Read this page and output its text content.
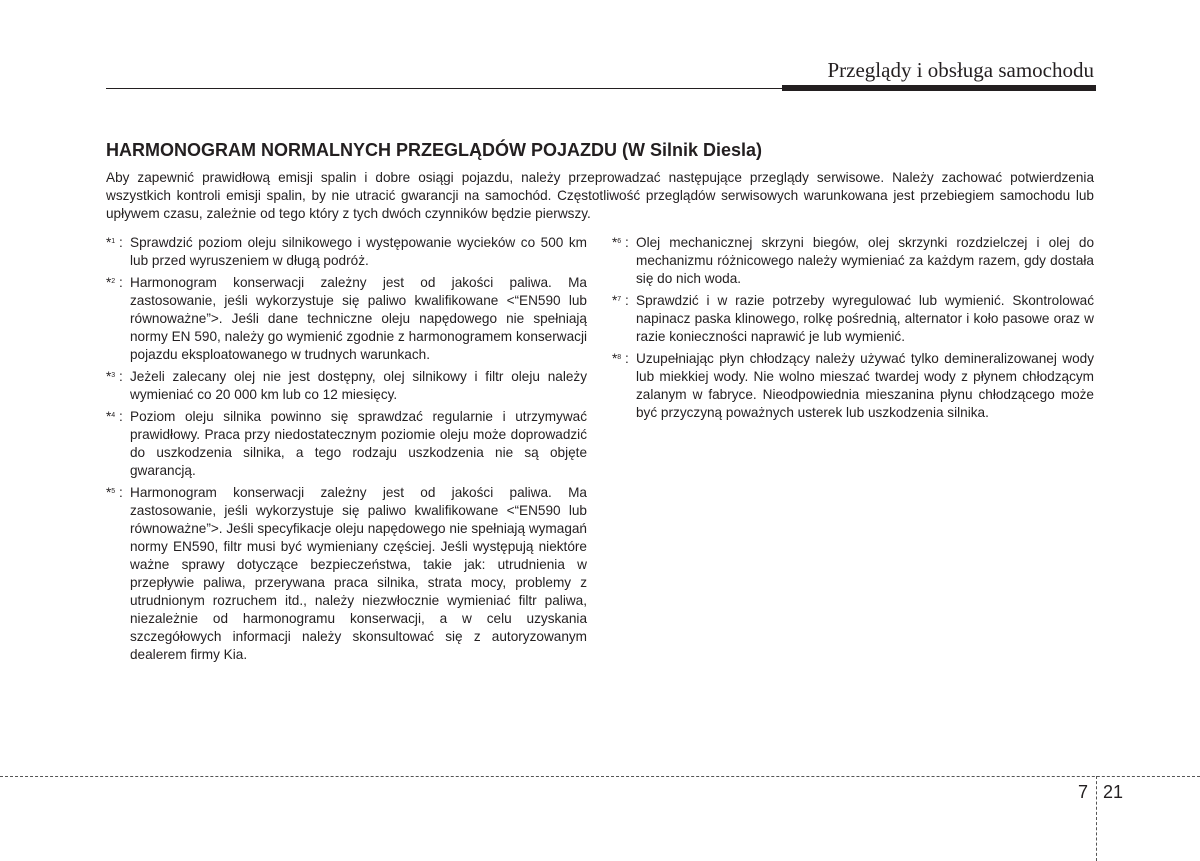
Przeglądy i obsługa samochodu
HARMONOGRAM NORMALNYCH PRZEGLĄDÓW POJAZDU (W Silnik Diesla)
Aby zapewnić prawidłową emisji spalin i dobre osiągi pojazdu, należy przeprowadzać następujące przeglądy serwisowe. Należy zachować potwierdzenia wszystkich kontroli emisji spalin, by nie utracić gwarancji na samochód. Częstotliwość przeglądów serwisowych warunkowana jest przebiegiem samochodu lub upływem czasu, zależnie od tego który z tych dwóch czynników będzie pierwszy.
*$^1$ : Sprawdzić poziom oleju silnikowego i występowanie wycieków co 500 km lub przed wyruszeniem w długą podróż.
*$^2$ : Harmonogram konserwacji zależny jest od jakości paliwa. Ma zastosowanie, jeśli wykorzystuje się paliwo kwalifikowane <“EN590 lub równoważne”>. Jeśli dane techniczne oleju napędowego nie spełniają normy EN 590, należy go wymienić zgodnie z harmonogramem konserwacji pojazdu eksploatowanego w trudnych warunkach.
*$^3$ : Jeżeli zalecany olej nie jest dostępny, olej silnikowy i filtr oleju należy wymieniać co 20 000 km lub co 12 miesięcy.
*$^4$ : Poziom oleju silnika powinno się sprawdzać regularnie i utrzymywać prawidłowy. Praca przy niedostatecznym poziomie oleju może doprowadzić do uszkodzenia silnika, a tego rodzaju uszkodzenia nie są objęte gwarancją.
*$^5$ : Harmonogram konserwacji zależny jest od jakości paliwa. Ma zastosowanie, jeśli wykorzystuje się paliwo kwalifikowane <“EN590 lub równoważne”>. Jeśli specyfikacje oleju napędowego nie spełniają wymagań normy EN590, filtr musi być wymieniany częściej. Jeśli występują niektóre ważne sprawy dotyczące bezpieczeństwa, takie jak: utrudnienia w przepływie paliwa, przerywana praca silnika, strata mocy, problemy z utrudnionym rozruchem itd., należy niezwłocznie wymieniać filtr paliwa, niezależnie od harmonogramu konserwacji, a w celu uzyskania szczegółowych informacji należy skonsultować się z autoryzowanym dealerem firmy Kia.
*$^6$ : Olej mechanicznej skrzyni biegów, olej skrzynki rozdzielczej i olej do mechanizmu różnicowego należy wymieniać za każdym razem, gdy dostała się do nich woda.
*$^7$ : Sprawdzić i w razie potrzeby wyregulować lub wymienić. Skontrolować napinacz paska klinowego, rolkę pośrednią, alternator i koło pasowe oraz w razie konieczności naprawić je lub wymienić.
*$^8$ : Uzupełniając płyn chłodzący należy używać tylko demineralizowanej wody lub miekkiej wody. Nie wolno mieszać twardej wody z płynem chłodzącym zalanym w fabryce. Nieodpowiednia mieszanina płynu chłodzącego może być przyczyną poważnych usterek lub uszkodzenia silnika.
7 21
